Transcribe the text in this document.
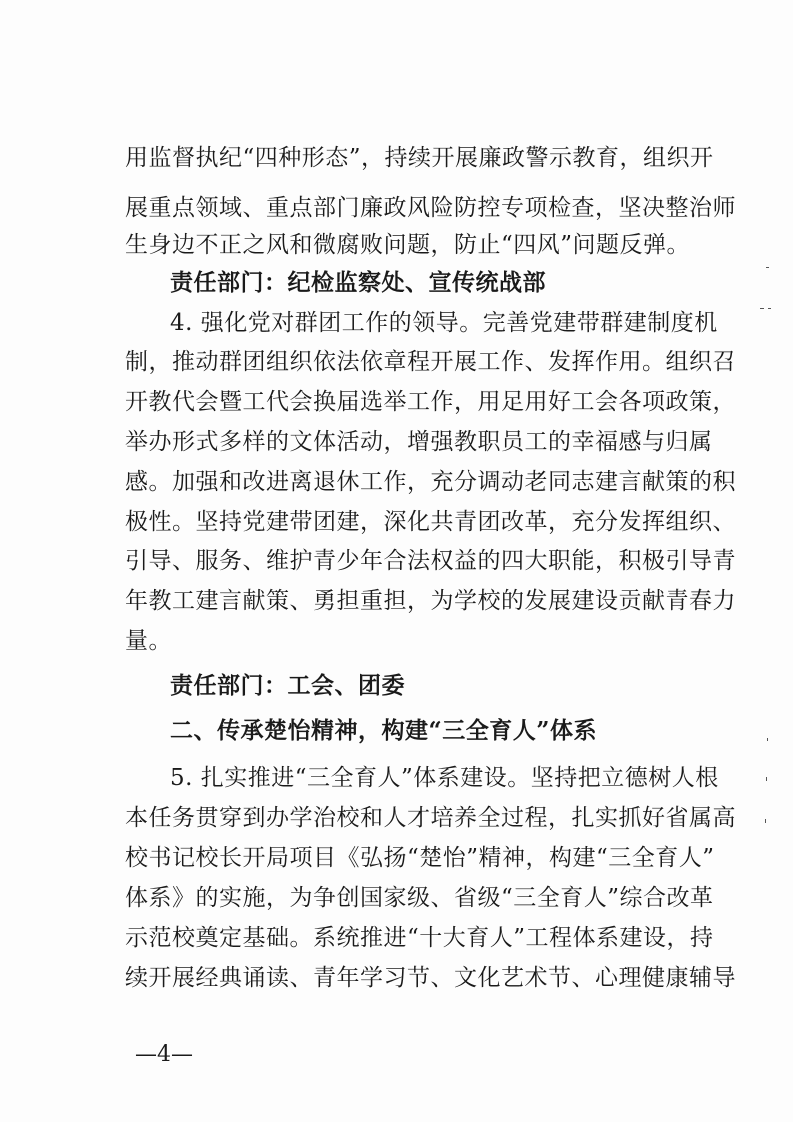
用监督执纪“四种形态”，持续开展廉政警示教育，组织开
展重点领域、重点部门廉政风险防控专项检查，坚决整治师
生身边不正之风和微腐败问题，防止“四风”问题反弹。
责任部门：纪检监察处、宣传统战部
4. 强化党对群团工作的领导。完善党建带群建制度机
制，推动群团组织依法依章程开展工作、发挥作用。组织召
开教代会暨工代会换届选举工作，用足用好工会各项政策，
举办形式多样的文体活动，增强教职员工的幸福感与归属
感。加强和改进离退休工作，充分调动老同志建言献策的积
极性。坚持党建带团建，深化共青团改革，充分发挥组织、
引导、服务、维护青少年合法权益的四大职能，积极引导青
年教工建言献策、勇担重担，为学校的发展建设贡献青春力
量。
责任部门：工会、团委
二、传承楚怡精神，构建“三全育人”体系
5. 扎实推进“三全育人”体系建设。坚持把立德树人根
本任务贯穿到办学治校和人才培养全过程，扎实抓好省属高
校书记校长开局项目《弘扬“楚怡”精神，构建“三全育人”
体系》的实施，为争创国家级、省级“三全育人”综合改革
示范校奠定基础。系统推进“十大育人”工程体系建设，持
续开展经典诵读、青年学习节、文化艺术节、心理健康辅导
—4—
